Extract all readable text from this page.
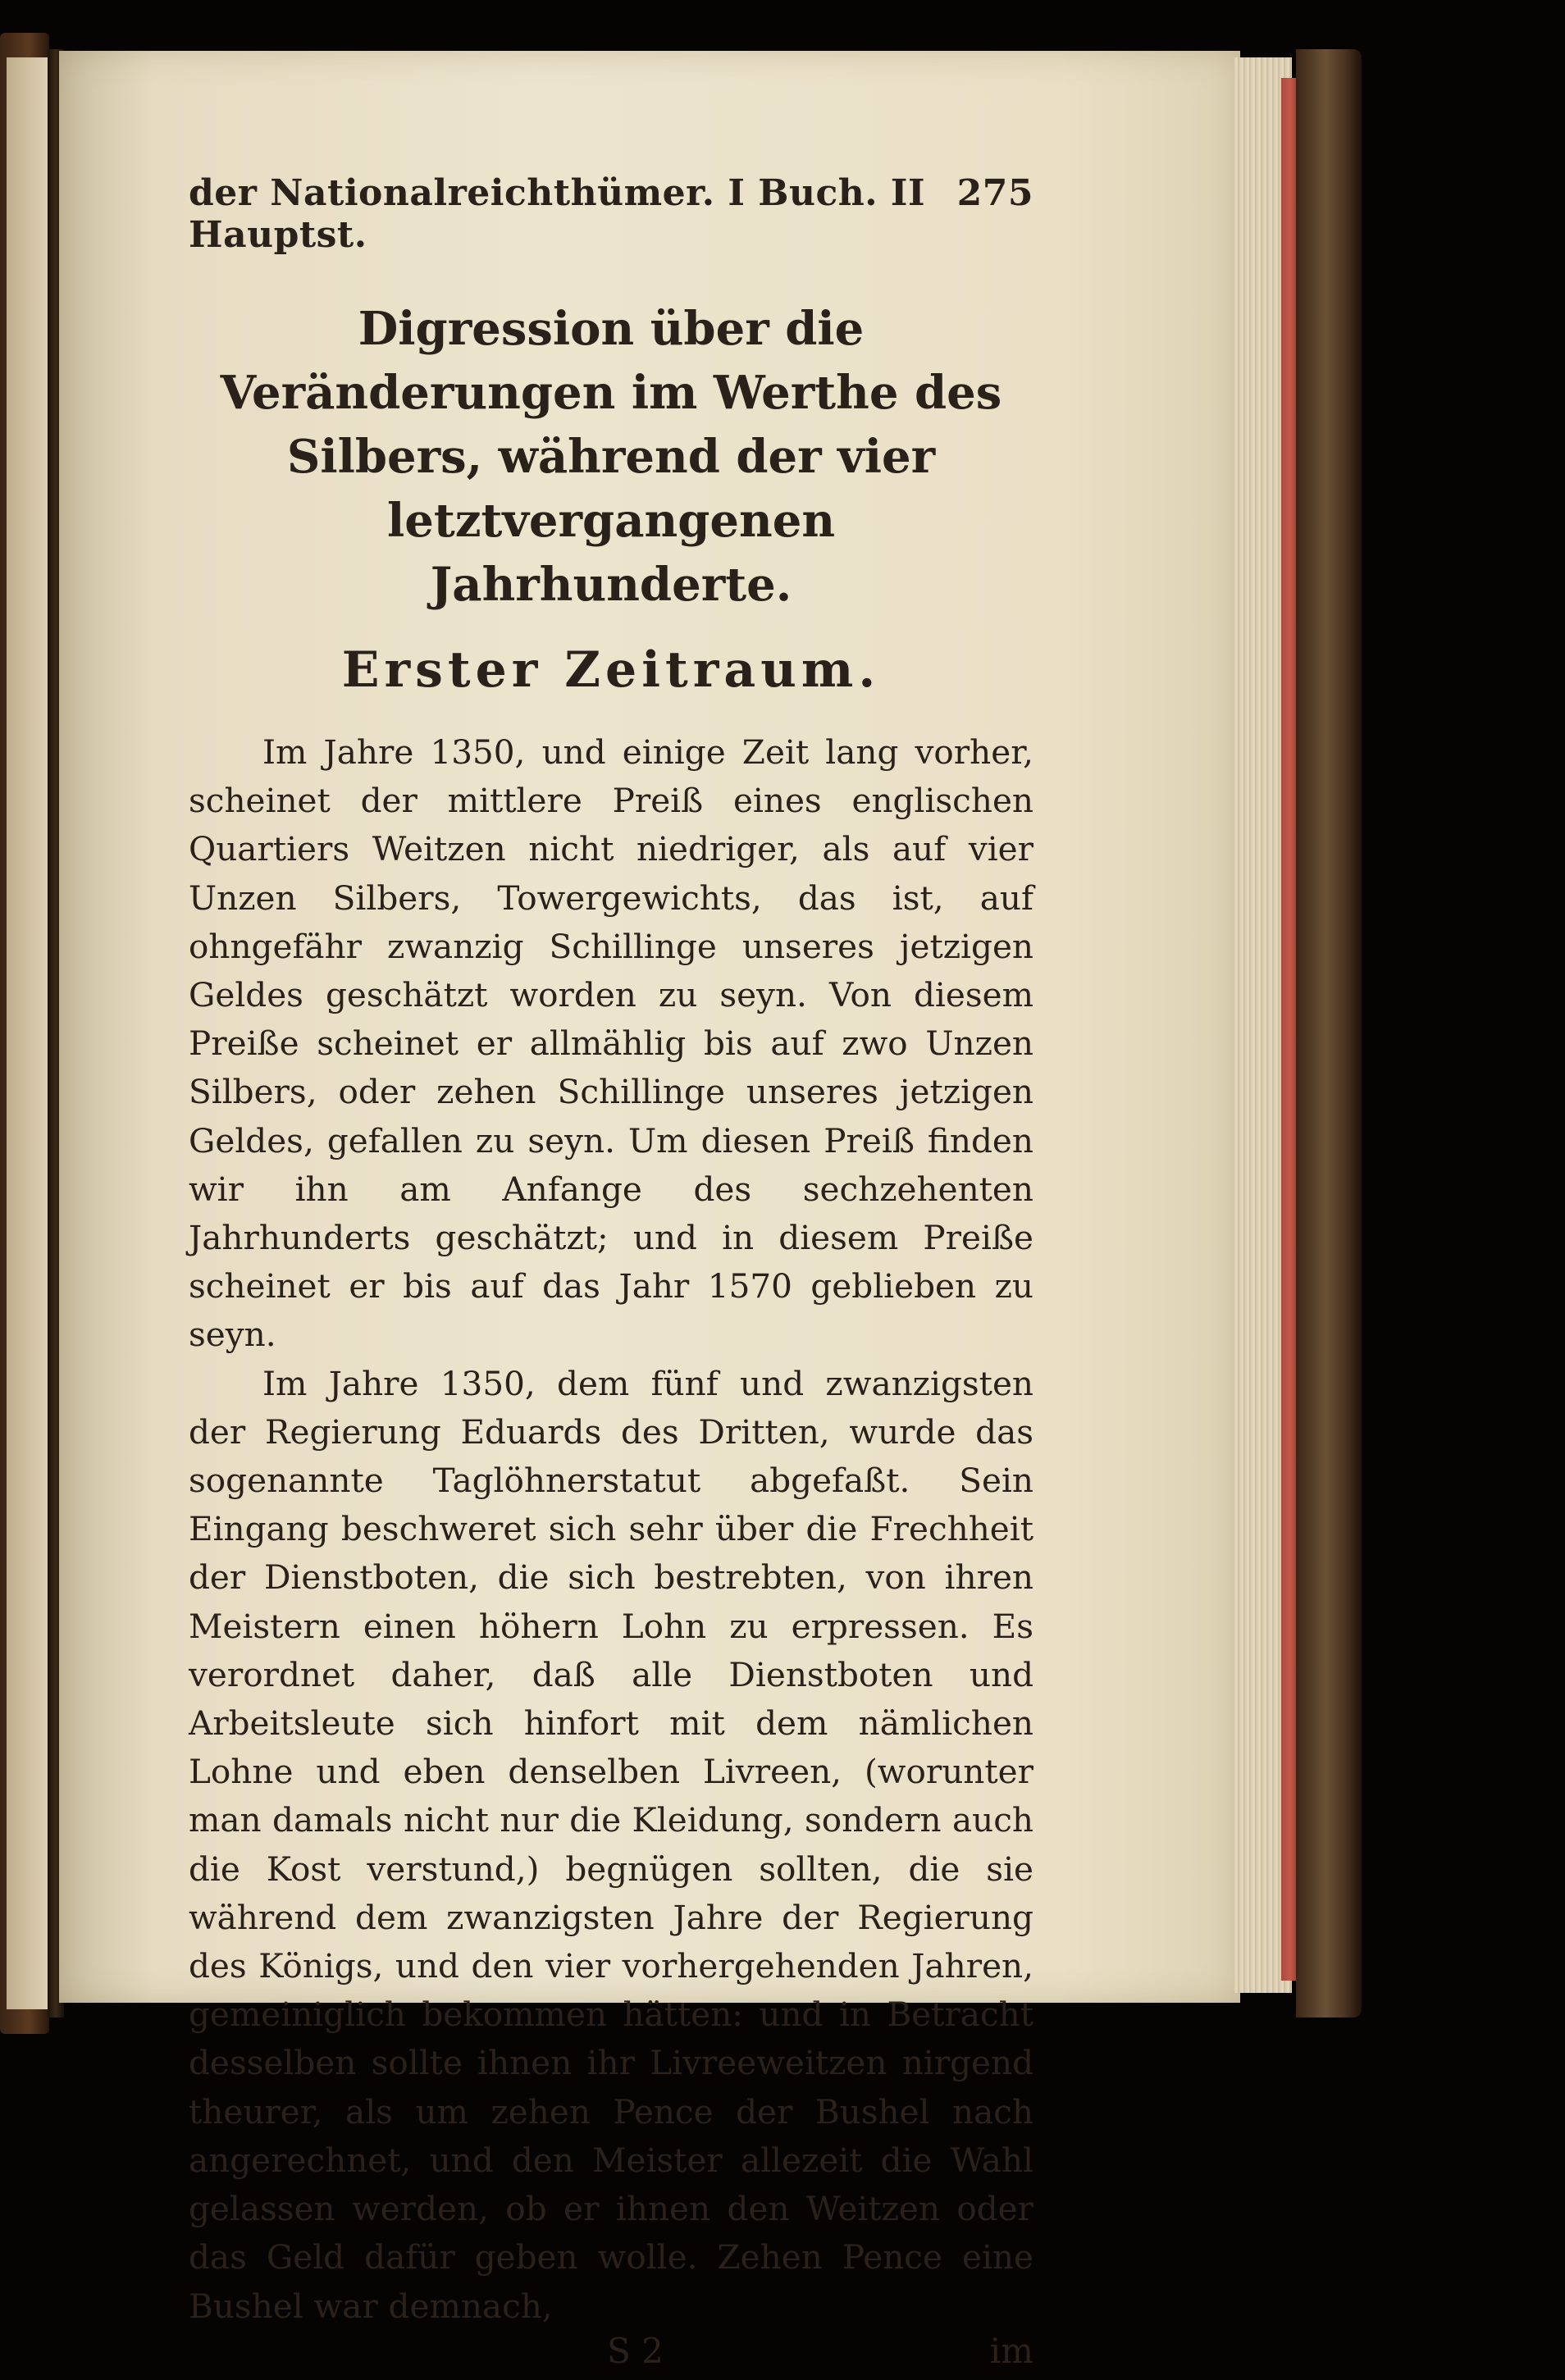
der Nationalreichthümer. I Buch. II Hauptst.
275
Digression über die Veränderungen im Werthe des
Silbers, während der vier letztvergangenen
Jahrhunderte.
Erster Zeitraum.

Im Jahre 1350, und einige Zeit lang vorher, scheinet der mittlere Preiß eines englischen Quartiers Weitzen nicht niedriger, als auf vier Unzen Silbers, Towergewichts, das ist, auf ohngefähr zwanzig Schillinge unseres jetzigen Geldes geschätzt worden zu seyn. Von diesem Preiße scheinet er allmählig bis auf zwo Unzen Silbers, oder zehen Schillinge unseres jetzigen Geldes, gefallen zu seyn. Um diesen Preiß finden wir ihn am Anfange des sechzehenten Jahrhunderts geschätzt; und in diesem Preiße scheinet er bis auf das Jahr 1570 geblieben zu seyn.

Im Jahre 1350, dem fünf und zwanzigsten der Regierung Eduards des Dritten, wurde das sogenannte Taglöhnerstatut abgefaßt. Sein Eingang beschweret sich sehr über die Frechheit der Dienstboten, die sich bestrebten, von ihren Meistern einen höhern Lohn zu erpressen. Es verordnet daher, daß alle Dienstboten und Arbeitsleute sich hinfort mit dem nämlichen Lohne und eben denselben Livreen, (worunter man damals nicht nur die Kleidung, sondern auch die Kost verstund,) begnügen sollten, die sie während dem zwanzigsten Jahre der Regierung des Königs, und den vier vorhergehenden Jahren, gemeiniglich bekommen hätten: und in Betracht desselben sollte ihnen ihr Livreeweitzen nirgend theurer, als um zehen Pence der Bushel nach angerechnet, und den Meister allezeit die Wahl gelassen werden, ob er ihnen den Weitzen oder das Geld dafür geben wolle. Zehen Pence eine Bushel war demnach,

S 2	im
